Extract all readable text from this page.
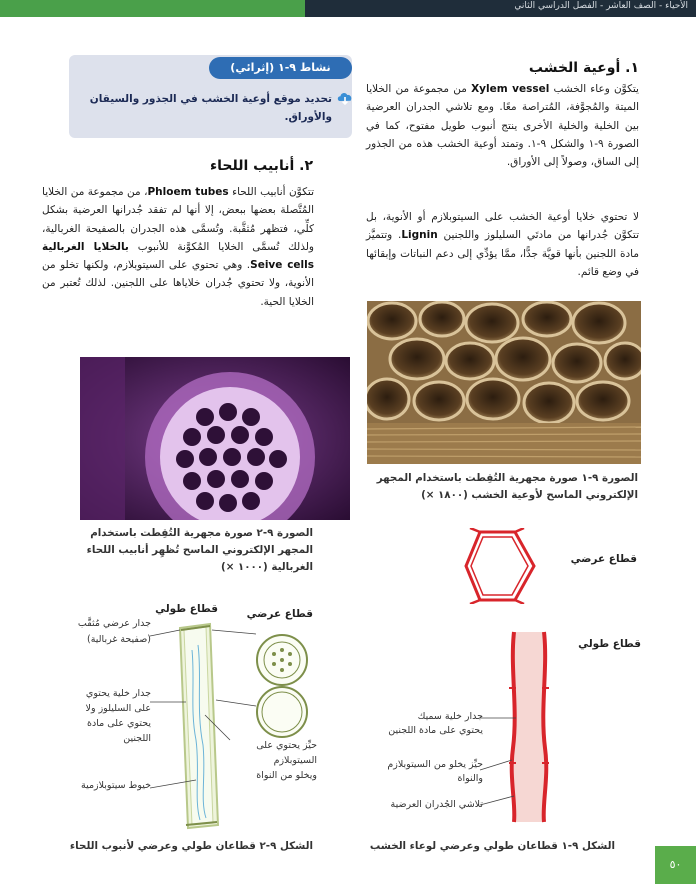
الأحياء - الصف العاشر - الفصل الدراسي الثاني
١. أوعية الخشب
يتكوَّن وعاء الخشب Xylem vessel من مجموعة من الخلايا الميتة والمُجوَّفة، المُتراصة معًا. ومع تلاشي الجدران العرضية بين الخلية والخلية الأخرى ينتج أنبوب طويل مفتوح، كما في الصورة ٩-١ والشكل ٩-١. وتمتد أوعية الخشب هذه من الجذور إلى الساق، وصولاً إلى الأوراق.
لا تحتوي خلايا أوعية الخشب على السيتوبلازم أو الأنوية، بل تتكوَّن جُدرانها من مادتَي السليلوز واللجنين Lignin. وتتميَّز مادة اللجنين بأنها قويَّة جدًّا، ممَّا يؤدِّي إلى دعم النباتات وإبقائها في وضع قائم.
الصورة ٩-١ صورة مجهرية التُقِطت باستخدام المجهر
الإلكتروني الماسح لأوعية الخشب (١٨٠٠ ×)
قطاع عرضي
قطاع طولي
جدار خلية سميك
يحتوي على مادة اللجنين
حيِّز يخلو من السيتوبلازم
والنواة
تلاشي الجُدران العرضية
الشكل ٩-١ قطاعان طولي وعرضي لوعاء الخشب
نشاط ٩-١ (إثرائي)
تحديد موقع أوعية الخشب في الجذور والسيقان والأوراق.
٢. أنابيب اللحاء
تتكوَّن أنابيب اللحاء Phloem tubes، من مجموعة من الخلايا المُتَّصلة بعضها ببعض، إلا أنها لم تفقد جُدرانها العرضية بشكل كلِّي، فتظهر مُثقَّبة. وتُسمَّى هذه الجدران بالصفيحة الغربالية، ولذلك تُسمَّى الخلايا المُكوَّنة للأنبوب بالخلايا الغربالية Seive cells. وهي تحتوي على السيتوبلازم، ولكنها تخلو من الأنوية، ولا تحتوي جُدران خلاياها على اللجنين. لذلك تُعتبر من الخلايا الحية.
الصورة ٩-٢ صورة مجهرية التُقِطت باستخدام
المجهر الإلكتروني الماسح تُظهِر أنابيب اللحاء
الغربالية (١٠٠٠ ×)
قطاع طولي	قطاع عرضي
جدار عرضي مُثقَّب
(صفيحة غربالية)
جدار خلية يحتوي
على السليلوز ولا
يحتوي على مادة
اللجنين
حيِّز يحتوي على
السيتوبلازم
ويخلو من النواة
خيوط سيتوبلازمية
الشكل ٩-٢ قطاعان طولي وعرضي لأنبوب اللحاء
٥٠
